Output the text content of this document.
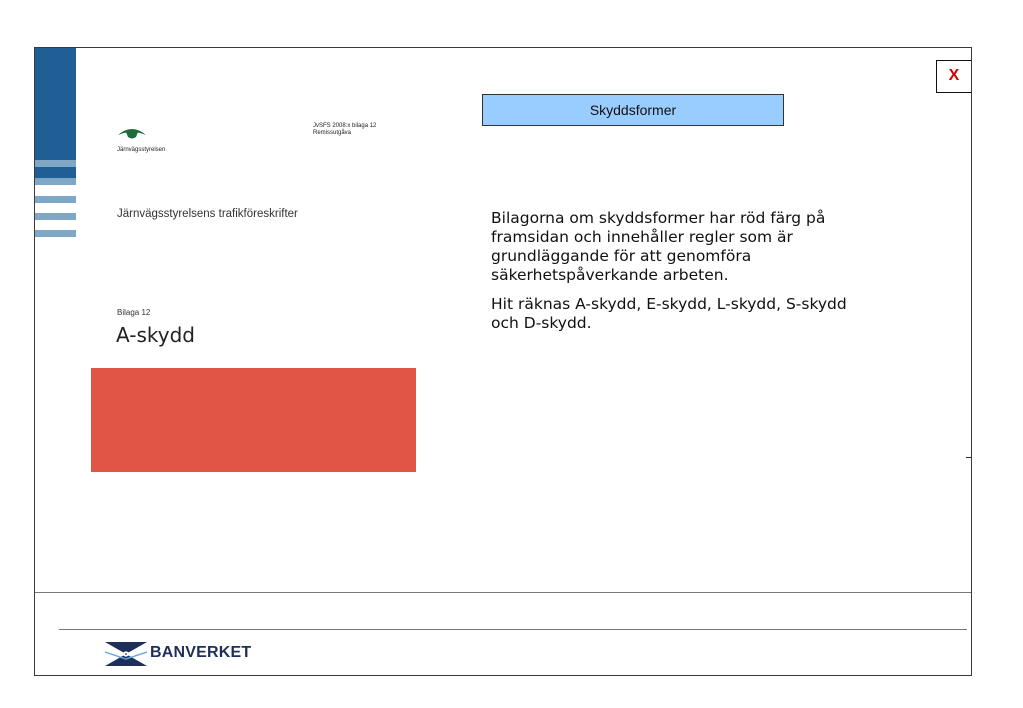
Järnvägsstyrelsen
JvSFS 2008:x bilaga 12
Remissutgåva
Järnvägsstyrelsens trafikföreskrifter
Bilaga 12
A-skydd
Skyddsformer
X

Bilagorna om skyddsformer har röd färg på framsidan och innehåller regler som är grundläggande för att genomföra säkerhetspåverkande arbeten.

Hit räknas A-skydd, E-skydd, L-skydd, S-skydd och D-skydd.

BANVERKET
